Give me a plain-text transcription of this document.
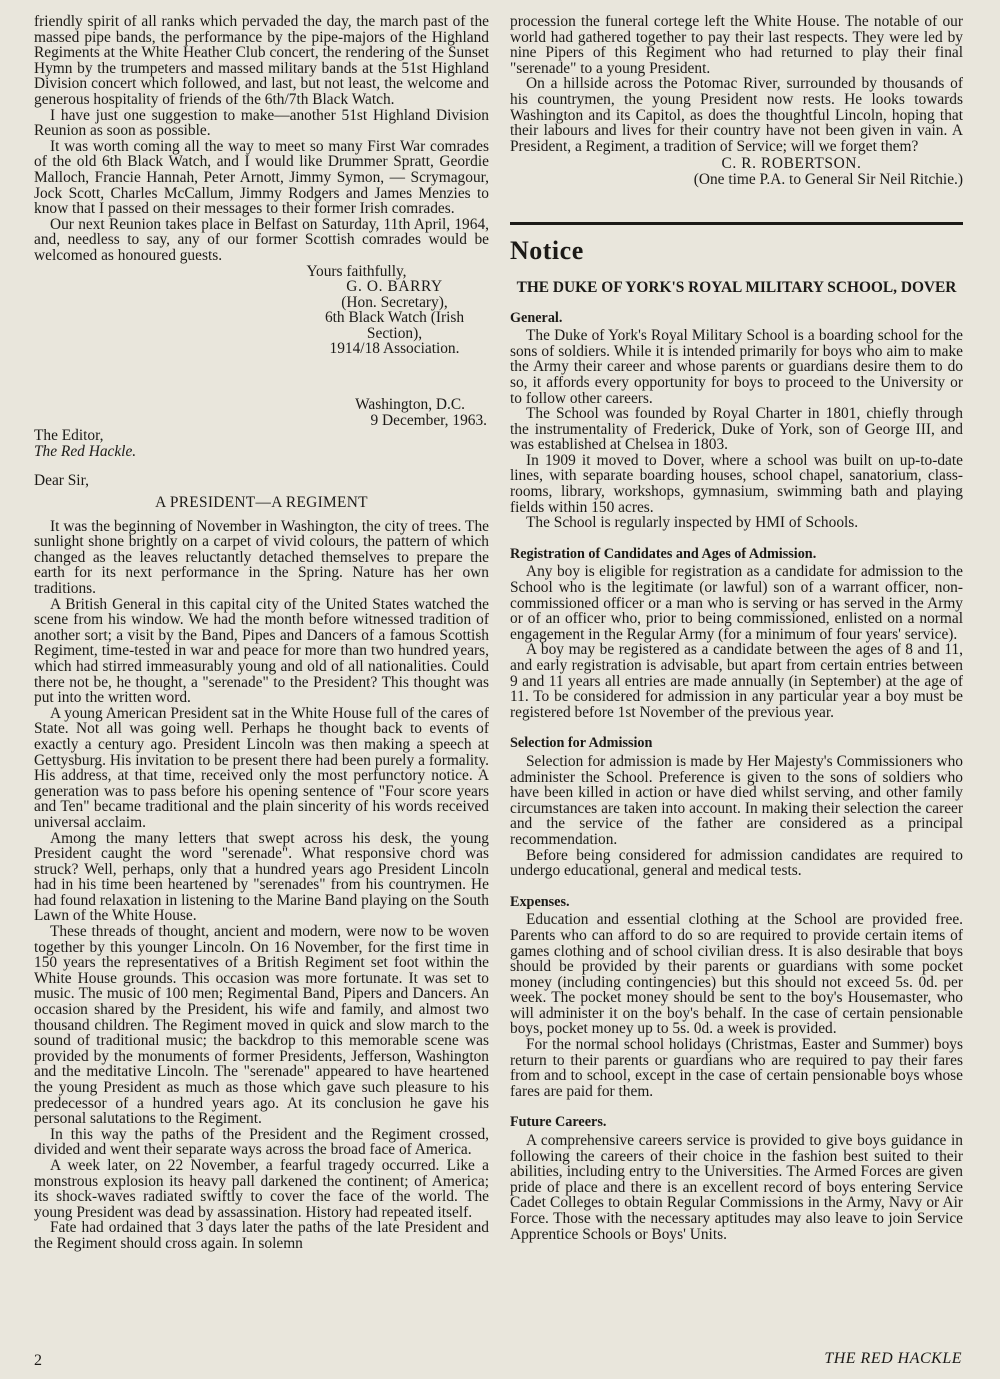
friendly spirit of all ranks which pervaded the day, the march past of the massed pipe bands, the performance by the pipe-majors of the Highland Regiments at the White Heather Club concert, the rendering of the Sunset Hymn by the trumpeters and massed military bands at the 51st Highland Division concert which followed, and last, but not least, the welcome and generous hospitality of friends of the 6th/7th Black Watch.

I have just one suggestion to make—another 51st Highland Division Reunion as soon as possible.

It was worth coming all the way to meet so many First War comrades of the old 6th Black Watch, and I would like Drummer Spratt, Geordie Malloch, Francie Hannah, Peter Arnott, Jimmy Symon, — Scrymagour, Jock Scott, Charles McCallum, Jimmy Rodgers and James Menzies to know that I passed on their messages to their former Irish comrades.

Our next Reunion takes place in Belfast on Saturday, 11th April, 1964, and, needless to say, any of our former Scottish comrades would be welcomed as honoured guests.

Yours faithfully,

G. O. BARRY
(Hon. Secretary),
6th Black Watch (Irish Section),
1914/18 Association.
Washington, D.C.
9 December, 1963.
The Editor,
The Red Hackle.
Dear Sir,
A PRESIDENT—A REGIMENT

It was the beginning of November in Washington, the city of trees. The sunlight shone brightly on a carpet of vivid colours, the pattern of which changed as the leaves reluctantly detached themselves to prepare the earth for its next performance in the Spring. Nature has her own traditions.

A British General in this capital city of the United States watched the scene from his window. We had the month before witnessed tradition of another sort; a visit by the Band, Pipes and Dancers of a famous Scottish Regiment, time-tested in war and peace for more than two hundred years, which had stirred immeasurably young and old of all nationalities. Could there not be, he thought, a "serenade" to the President? This thought was put into the written word.

A young American President sat in the White House full of the cares of State. Not all was going well. Perhaps he thought back to events of exactly a century ago. President Lincoln was then making a speech at Gettysburg. His invitation to be present there had been purely a formality. His address, at that time, received only the most perfunctory notice. A generation was to pass before his opening sentence of "Four score years and Ten" became traditional and the plain sincerity of his words received universal acclaim.

Among the many letters that swept across his desk, the young President caught the word "serenade". What responsive chord was struck? Well, perhaps, only that a hundred years ago President Lincoln had in his time been heartened by "serenades" from his countrymen. He had found relaxation in listening to the Marine Band playing on the South Lawn of the White House.

These threads of thought, ancient and modern, were now to be woven together by this younger Lincoln. On 16 November, for the first time in 150 years the representatives of a British Regiment set foot within the White House grounds. This occasion was more fortunate. It was set to music. The music of 100 men; Regimental Band, Pipers and Dancers. An occasion shared by the President, his wife and family, and almost two thousand children. The Regiment moved in quick and slow march to the sound of traditional music; the backdrop to this memorable scene was provided by the monuments of former Presidents, Jefferson, Washington and the meditative Lincoln. The "serenade" appeared to have heartened the young President as much as those which gave such pleasure to his predecessor of a hundred years ago. At its conclusion he gave his personal salutations to the Regiment.

In this way the paths of the President and the Regiment crossed, divided and went their separate ways across the broad face of America.

A week later, on 22 November, a fearful tragedy occurred. Like a monstrous explosion its heavy pall darkened the continent; of America; its shock-waves radiated swiftly to cover the face of the world. The young President was dead by assassination. History had repeated itself.

Fate had ordained that 3 days later the paths of the late President and the Regiment should cross again. In solemn

procession the funeral cortege left the White House. The notable of our world had gathered together to pay their last respects. They were led by nine Pipers of this Regiment who had returned to play their final "serenade" to a young President.

On a hillside across the Potomac River, surrounded by thousands of his countrymen, the young President now rests. He looks towards Washington and its Capitol, as does the thoughtful Lincoln, hoping that their labours and lives for their country have not been given in vain. A President, a Regiment, a tradition of Service; will we forget them?

C. R. ROBERTSON.
(One time P.A. to General Sir Neil Ritchie.)
Notice
THE DUKE OF YORK'S ROYAL MILITARY SCHOOL, DOVER
General.

The Duke of York's Royal Military School is a boarding school for the sons of soldiers. While it is intended primarily for boys who aim to make the Army their career and whose parents or guardians desire them to do so, it affords every opportunity for boys to proceed to the University or to follow other careers.

The School was founded by Royal Charter in 1801, chiefly through the instrumentality of Frederick, Duke of York, son of George III, and was established at Chelsea in 1803.

In 1909 it moved to Dover, where a school was built on up-to-date lines, with separate boarding houses, school chapel, sanatorium, class-rooms, library, workshops, gymnasium, swimming bath and playing fields within 150 acres.

The School is regularly inspected by HMI of Schools.

Registration of Candidates and Ages of Admission.

Any boy is eligible for registration as a candidate for admission to the School who is the legitimate (or lawful) son of a warrant officer, non-commissioned officer or a man who is serving or has served in the Army or of an officer who, prior to being commissioned, enlisted on a normal engagement in the Regular Army (for a minimum of four years' service).

A boy may be registered as a candidate between the ages of 8 and 11, and early registration is advisable, but apart from certain entries between 9 and 11 years all entries are made annually (in September) at the age of 11. To be considered for admission in any particular year a boy must be registered before 1st November of the previous year.

Selection for Admission

Selection for admission is made by Her Majesty's Commissioners who administer the School. Preference is given to the sons of soldiers who have been killed in action or have died whilst serving, and other family circumstances are taken into account. In making their selection the career and the service of the father are considered as a principal recommendation.

Before being considered for admission candidates are required to undergo educational, general and medical tests.

Expenses.

Education and essential clothing at the School are provided free. Parents who can afford to do so are required to provide certain items of games clothing and of school civilian dress. It is also desirable that boys should be provided by their parents or guardians with some pocket money (including contingencies) but this should not exceed 5s. 0d. per week. The pocket money should be sent to the boy's Housemaster, who will administer it on the boy's behalf. In the case of certain pensionable boys, pocket money up to 5s. 0d. a week is provided.

For the normal school holidays (Christmas, Easter and Summer) boys return to their parents or guardians who are required to pay their fares from and to school, except in the case of certain pensionable boys whose fares are paid for them.

Future Careers.

A comprehensive careers service is provided to give boys guidance in following the careers of their choice in the fashion best suited to their abilities, including entry to the Universities. The Armed Forces are given pride of place and there is an excellent record of boys entering Service Cadet Colleges to obtain Regular Commissions in the Army, Navy or Air Force. Those with the necessary aptitudes may also leave to join Service Apprentice Schools or Boys' Units.

2	THE RED HACKLE
